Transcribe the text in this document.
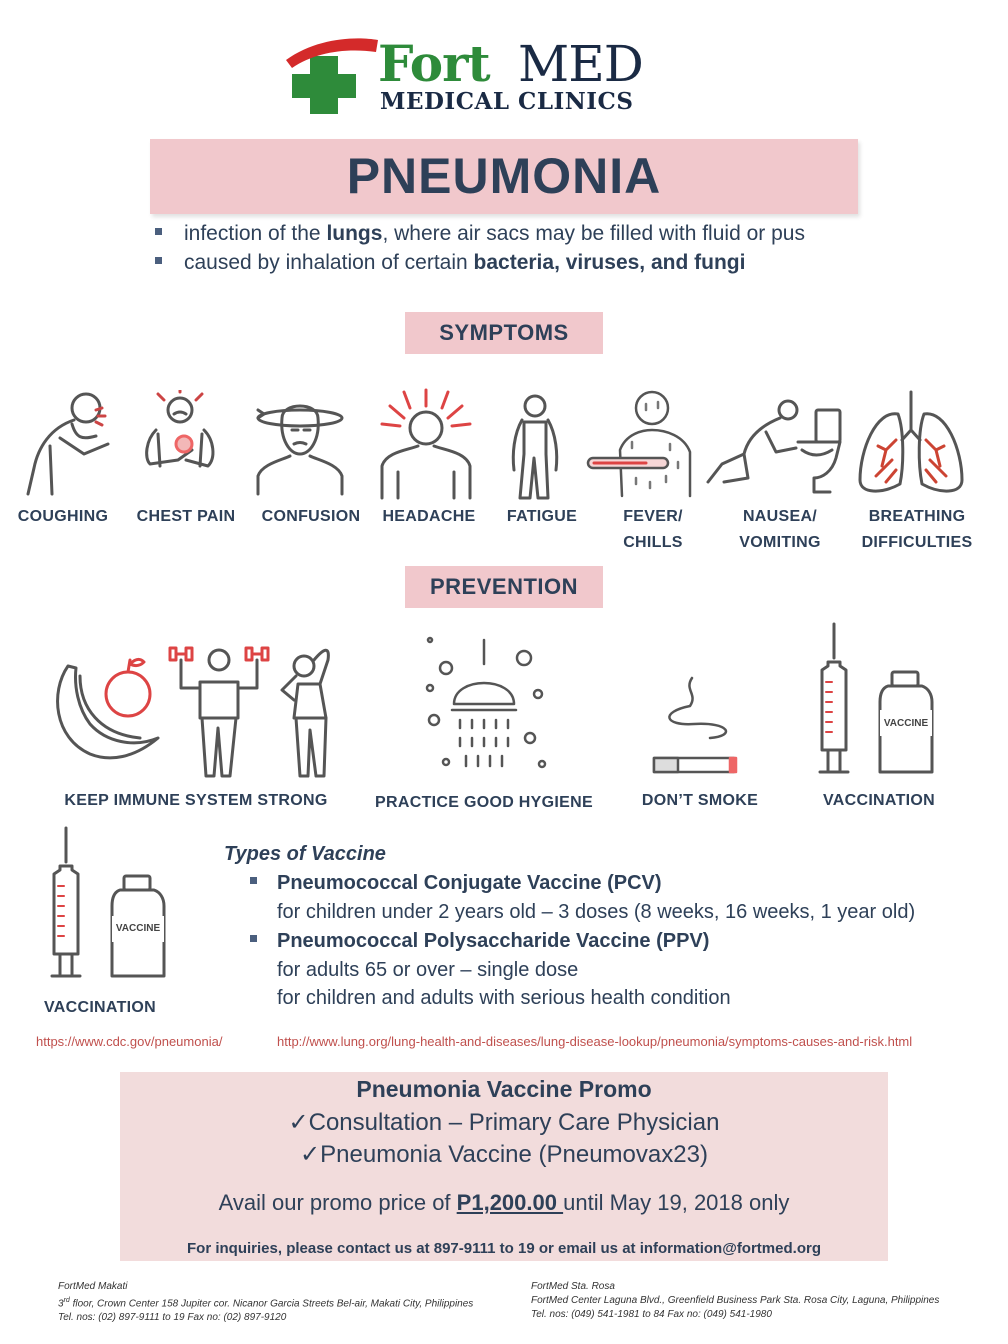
Fort MED
MEDICAL CLINICS
PNEUMONIA
infection of the lungs, where air sacs may be filled with fluid or pus
caused by inhalation of certain bacteria, viruses, and fungi
SYMPTOMS
COUGHING	CHEST PAIN	CONFUSION	HEADACHE	FATIGUE	FEVER/
CHILLS
NAUSEA/
VOMITING
BREATHING
DIFFICULTIES
PREVENTION
VACCINE
KEEP IMMUNE SYSTEM STRONG	PRACTICE GOOD HYGIENE	DON’T SMOKE	VACCINATION
VACCINE
VACCINATION
Types of Vaccine
Pneumococcal Conjugate Vaccine (PCV)
for children under 2 years old – 3 doses (8 weeks, 16 weeks, 1 year old)
Pneumococcal Polysaccharide Vaccine (PPV)
for adults 65 or over – single dose
for children and adults with serious health condition
https://www.cdc.gov/pneumonia/	http://www.lung.org/lung-health-and-diseases/lung-disease-lookup/pneumonia/symptoms-causes-and-risk.html
Pneumonia Vaccine Promo
✓Consultation – Primary Care Physician
✓Pneumonia Vaccine (Pneumovax23)
Avail our promo price of P1,200.00 until May 19, 2018 only
For inquiries, please contact us at 897-9111 to 19 or email us at information@fortmed.org
FortMed Makati
3rd floor, Crown Center 158 Jupiter cor. Nicanor Garcia Streets Bel-air, Makati City, Philippines
Tel. nos: (02) 897-9111 to 19 Fax no: (02) 897-9120
FortMed Sta. Rosa
FortMed Center Laguna Blvd., Greenfield Business Park Sta. Rosa City, Laguna, Philippines
Tel. nos: (049) 541-1981 to 84 Fax no: (049) 541-1980
